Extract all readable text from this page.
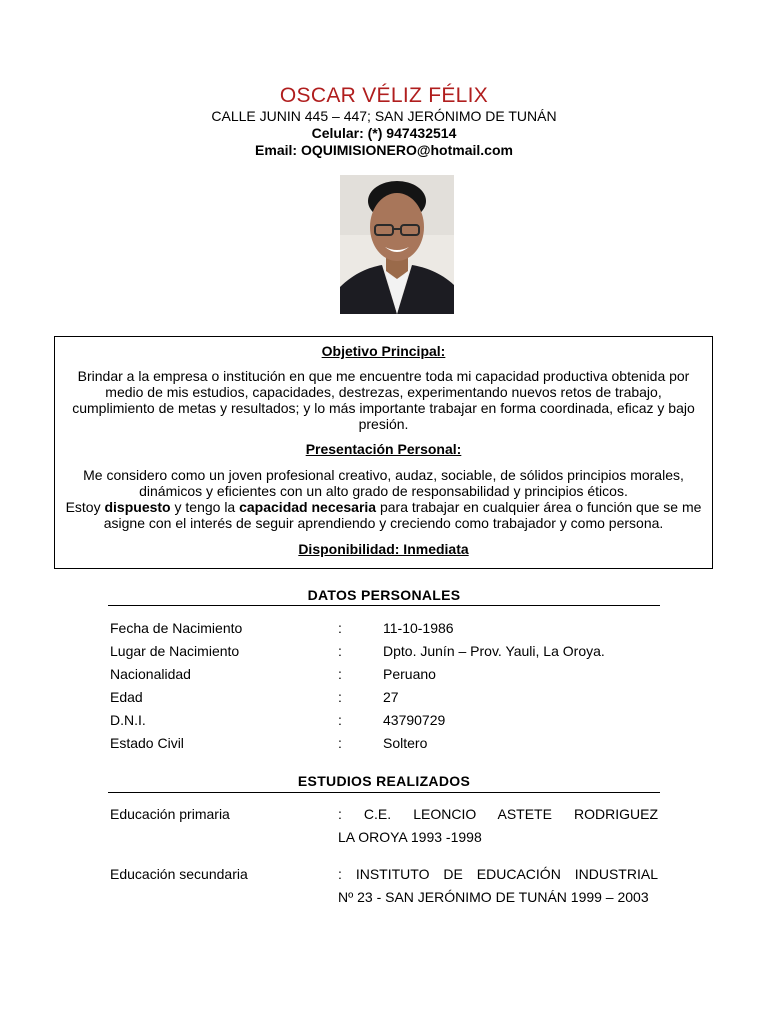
OSCAR VÉLIZ FÉLIX
CALLE JUNIN 445 – 447; SAN JERÓNIMO DE TUNÁN
Celular: (*) 947432514
Email: OQUIMISIONERO@hotmail.com
Objetivo Principal:

Brindar a la empresa o institución en que me encuentre toda mi capacidad productiva obtenida por medio de mis estudios, capacidades, destrezas, experimentando nuevos retos de trabajo, cumplimiento de metas y resultados; y lo más importante trabajar en forma coordinada, eficaz y bajo presión.

Presentación Personal:

Me considero como un joven profesional creativo, audaz, sociable, de sólidos principios morales, dinámicos y eficientes con un alto grado de responsabilidad y principios éticos.

Estoy dispuesto y tengo la capacidad necesaria para trabajar en cualquier área o función que se me asigne con el interés de seguir aprendiendo y creciendo como trabajador y como persona.

Disponibilidad: Inmediata
DATOS PERSONALES
Fecha de Nacimiento	:	11-10-1986
Lugar de Nacimiento	:	Dpto. Junín – Prov. Yauli, La Oroya.
Nacionalidad	:	Peruano
Edad	:	27
D.N.I.	:	43790729
Estado Civil	:	Soltero
ESTUDIOS REALIZADOS
Educación primaria	: C.E. LEONCIO ASTETE RODRIGUEZ
LA OROYA 1993 -1998
Educación secundaria	: INSTITUTO DE EDUCACIÓN INDUSTRIAL
Nº 23 - SAN JERÓNIMO DE TUNÁN 1999 – 2003
